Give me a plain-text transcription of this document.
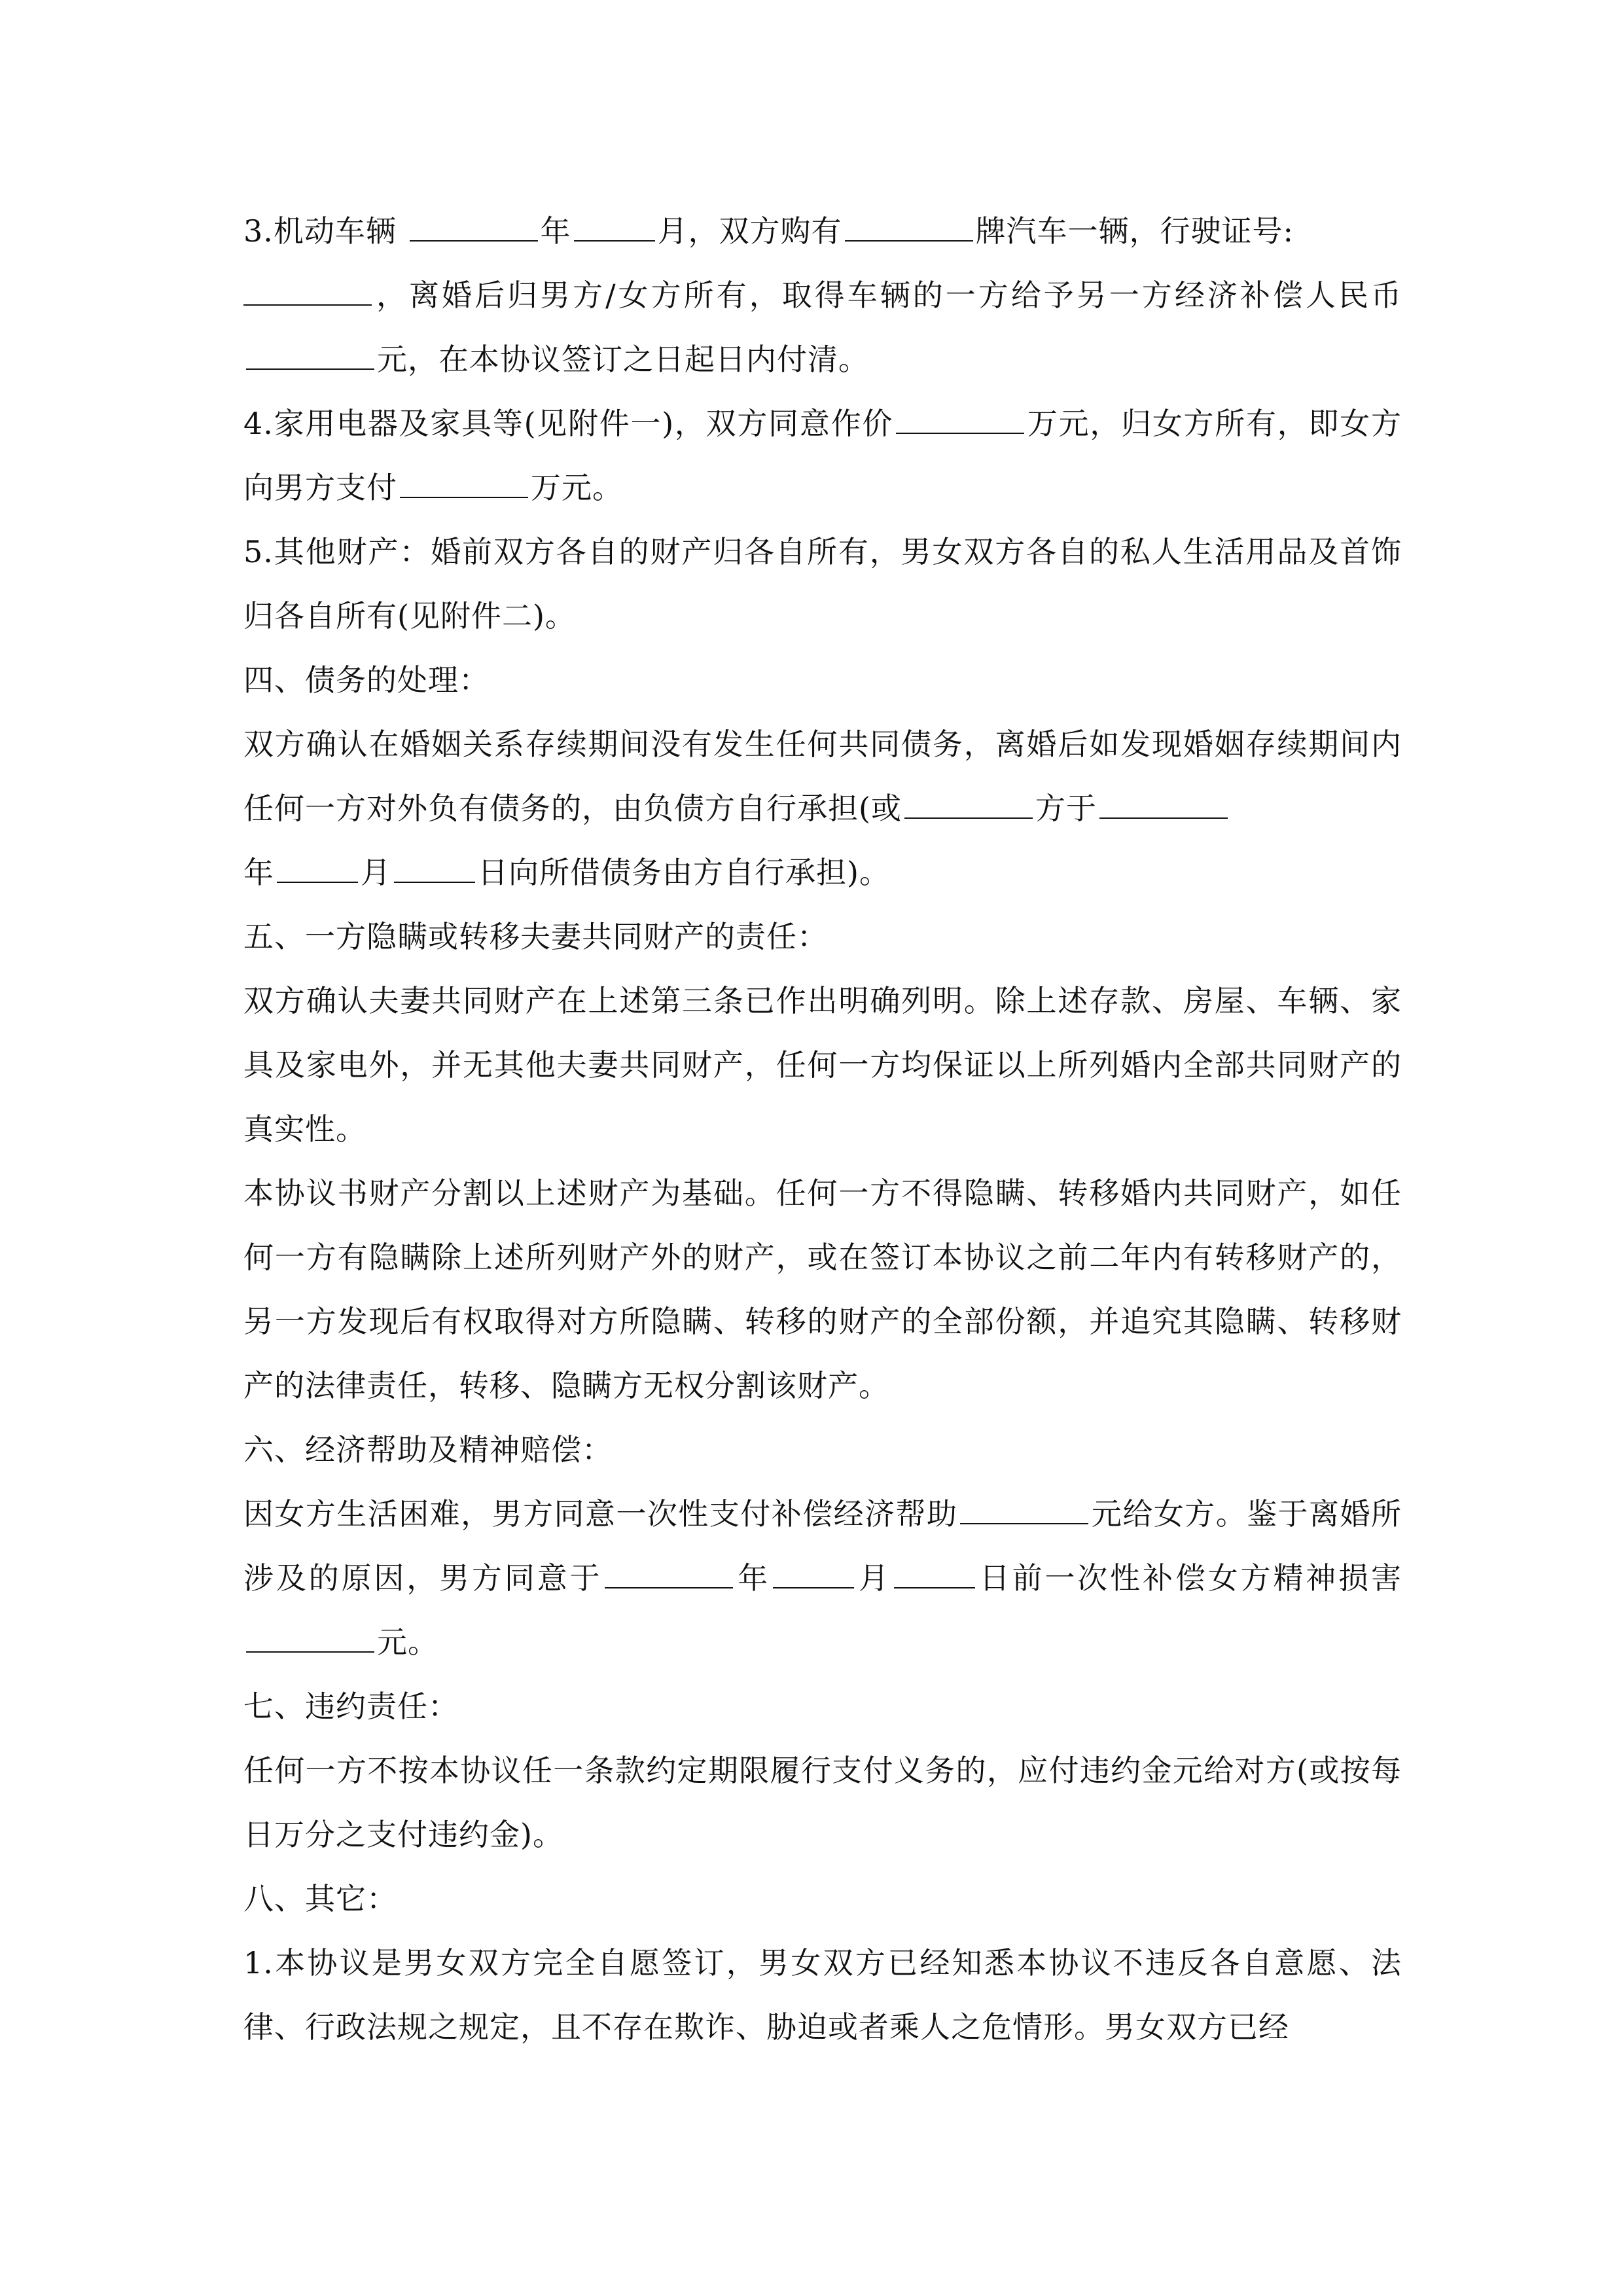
3.机动车辆	年	月，双方购有	牌汽车一辆，行驶证号:
，离婚后归男方/女方所有，取得车辆的一方给予另一方经济补偿人民币元，在本协议签订之日起日内付清。

4.家用电器及家具等(见附件一)，双方同意作价	万元，归女方所有，即女方向男方支付	万元。

5.其他财产：婚前双方各自的财产归各自所有，男女双方各自的私人生活用品及首饰归各自所有(见附件二)。

四、债务的处理：

双方确认在婚姻关系存续期间没有发生任何共同债务，离婚后如发现婚姻存续期间内任何一方对外负有债务的，由负债方自行承担(或	方于
年	月	日向所借债务由方自行承担)。

五、一方隐瞒或转移夫妻共同财产的责任：

双方确认夫妻共同财产在上述第三条已作出明确列明。除上述存款、房屋、车辆、家具及家电外，并无其他夫妻共同财产，任何一方均保证以上所列婚内全部共同财产的真实性。

本协议书财产分割以上述财产为基础。任何一方不得隐瞒、转移婚内共同财产，如任何一方有隐瞒除上述所列财产外的财产，或在签订本协议之前二年内有转移财产的，另一方发现后有权取得对方所隐瞒、转移的财产的全部份额，并追究其隐瞒、转移财产的法律责任，转移、隐瞒方无权分割该财产。

六、经济帮助及精神赔偿：

因女方生活困难，男方同意一次性支付补偿经济帮助	元给女方。鉴于离婚所涉及的原因，男方同意于	年	月	日前一次性补偿女方精神损害元。

七、违约责任：

任何一方不按本协议任一条款约定期限履行支付义务的，应付违约金元给对方(或按每日万分之支付违约金)。

八、其它：

1.本协议是男女双方完全自愿签订，男女双方已经知悉本协议不违反各自意愿、法律、行政法规之规定，且不存在欺诈、胁迫或者乘人之危情形。男女双方已经
